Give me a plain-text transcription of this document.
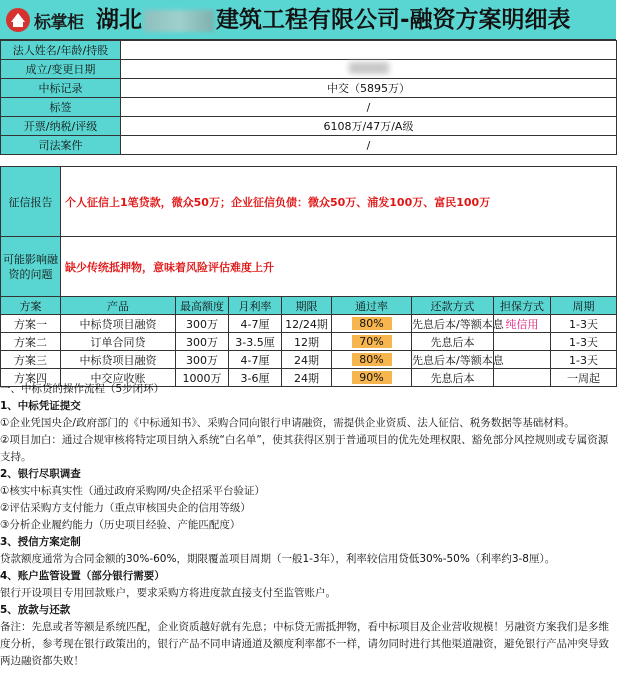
标掌柜 湖北	建筑工程有限公司-融资方案明细表
法人姓名/年龄/持股	
成立/变更日期	
中标记录	中交（5895万）
标签	/
开票/纳税/评级	6108万/47万/A级
司法案件	/
征信报告	个人征信上1笔贷款，微众50万；企业征信负债：微众50万、浦发100万、富民100万
可能影响融资的问题	缺少传统抵押物，意味着风险评估难度上升
方案	产品	最高额度	月利率	期限	通过率	还款方式	担保方式	周期
方案一	中标贷项目融资	300万	4-7厘	12/24期	80%	先息后本/等额本息	纯信用	1-3天
方案二	订单合同贷	300万	3-3.5厘	12期	70%	先息后本		1-3天
方案三	中标贷项目融资	300万	4-7厘	24期	80%	先息后本/等额本息		1-3天
方案四	中交应收账	1000万	3-6厘	24期	90%	先息后本		一周起

一、中标贷的操作流程（5步闭环）

1、中标凭证提交

①企业凭国央企/政府部门的《中标通知书》、采购合同向银行申请融资，需提供企业资质、法人征信、税务数据等基础材料。

②项目加白：通过合规审核将特定项目纳入系统“白名单”，使其获得区别于普通项目的优先处理权限、豁免部分风控规则或专属资源支持。

2、银行尽职调查

①核实中标真实性（通过政府采购网/央企招采平台验证）

②评估采购方支付能力（重点审核国央企的信用等级）

③分析企业履约能力（历史项目经验、产能匹配度）

3、授信方案定制

贷款额度通常为合同金额的30%-60%，期限覆盖项目周期（一般1-3年），利率较信用贷低30%-50%（利率约3-8厘）。

4、账户监管设置（部分银行需要）

银行开设项目专用回款账户，要求采购方将进度款直接支付至监管账户。

5、放款与还款

备注：先息或者等额是系统匹配，企业资质越好就有先息；中标贷无需抵押物，看中标项目及企业营收规模！另融资方案我们是多维度分析，参考现在银行政策出的，银行产品不同申请通道及额度利率都不一样，请勿同时进行其他渠道融资，避免银行产品冲突导致两边融资都失败！
